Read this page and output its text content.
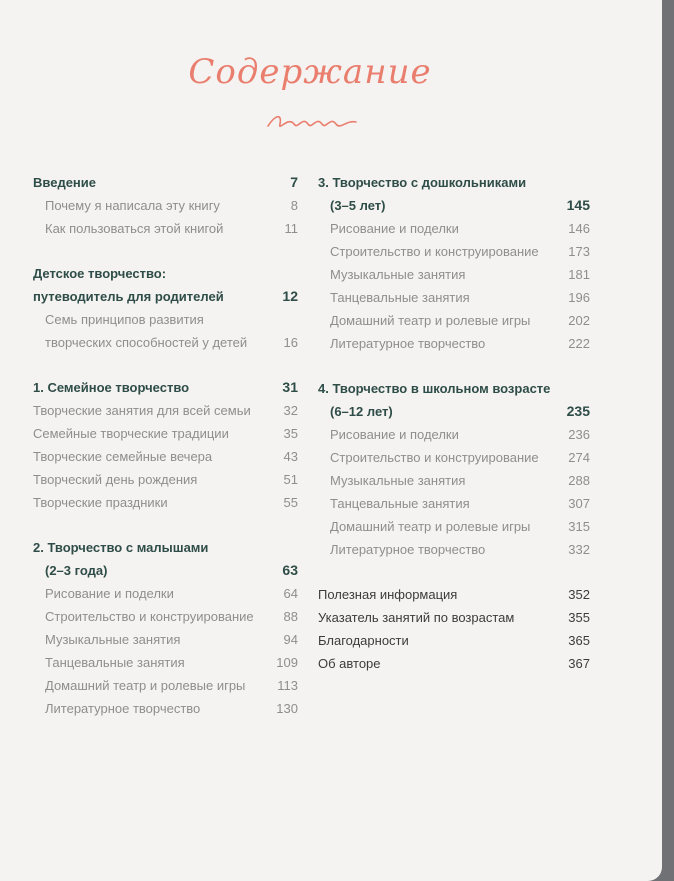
Содержание
Введение	7
Почему я написала эту книгу	8
Как пользоваться этой книгой	11
Детское творчество:
путеводитель для родителей	12
Семь принципов развития
творческих способностей у детей	16
1. Семейное творчество	31
Творческие занятия для всей семьи	32
Семейные творческие традиции	35
Творческие семейные вечера	43
Творческий день рождения	51
Творческие праздники	55
2. Творчество с малышами
(2–3 года)	63
Рисование и поделки	64
Строительство и конструирование 88
Музыкальные занятия	94
Танцевальные занятия	109
Домашний театр и ролевые игры 113
Литературное творчество	130
3. Творчество с дошкольниками
(3–5 лет)	145
Рисование и поделки	146
Строительство и конструирование 173
Музыкальные занятия	181
Танцевальные занятия	196
Домашний театр и ролевые игры	202
Литературное творчество	222
4. Творчество в школьном возрасте
(6–12 лет)	235
Рисование и поделки	236
Строительство и конструирование 274
Музыкальные занятия	288
Танцевальные занятия	307
Домашний театр и ролевые игры	315
Литературное творчество	332
Полезная информация	352
Указатель занятий по возрастам	355
Благодарности	365
Об авторе	367
